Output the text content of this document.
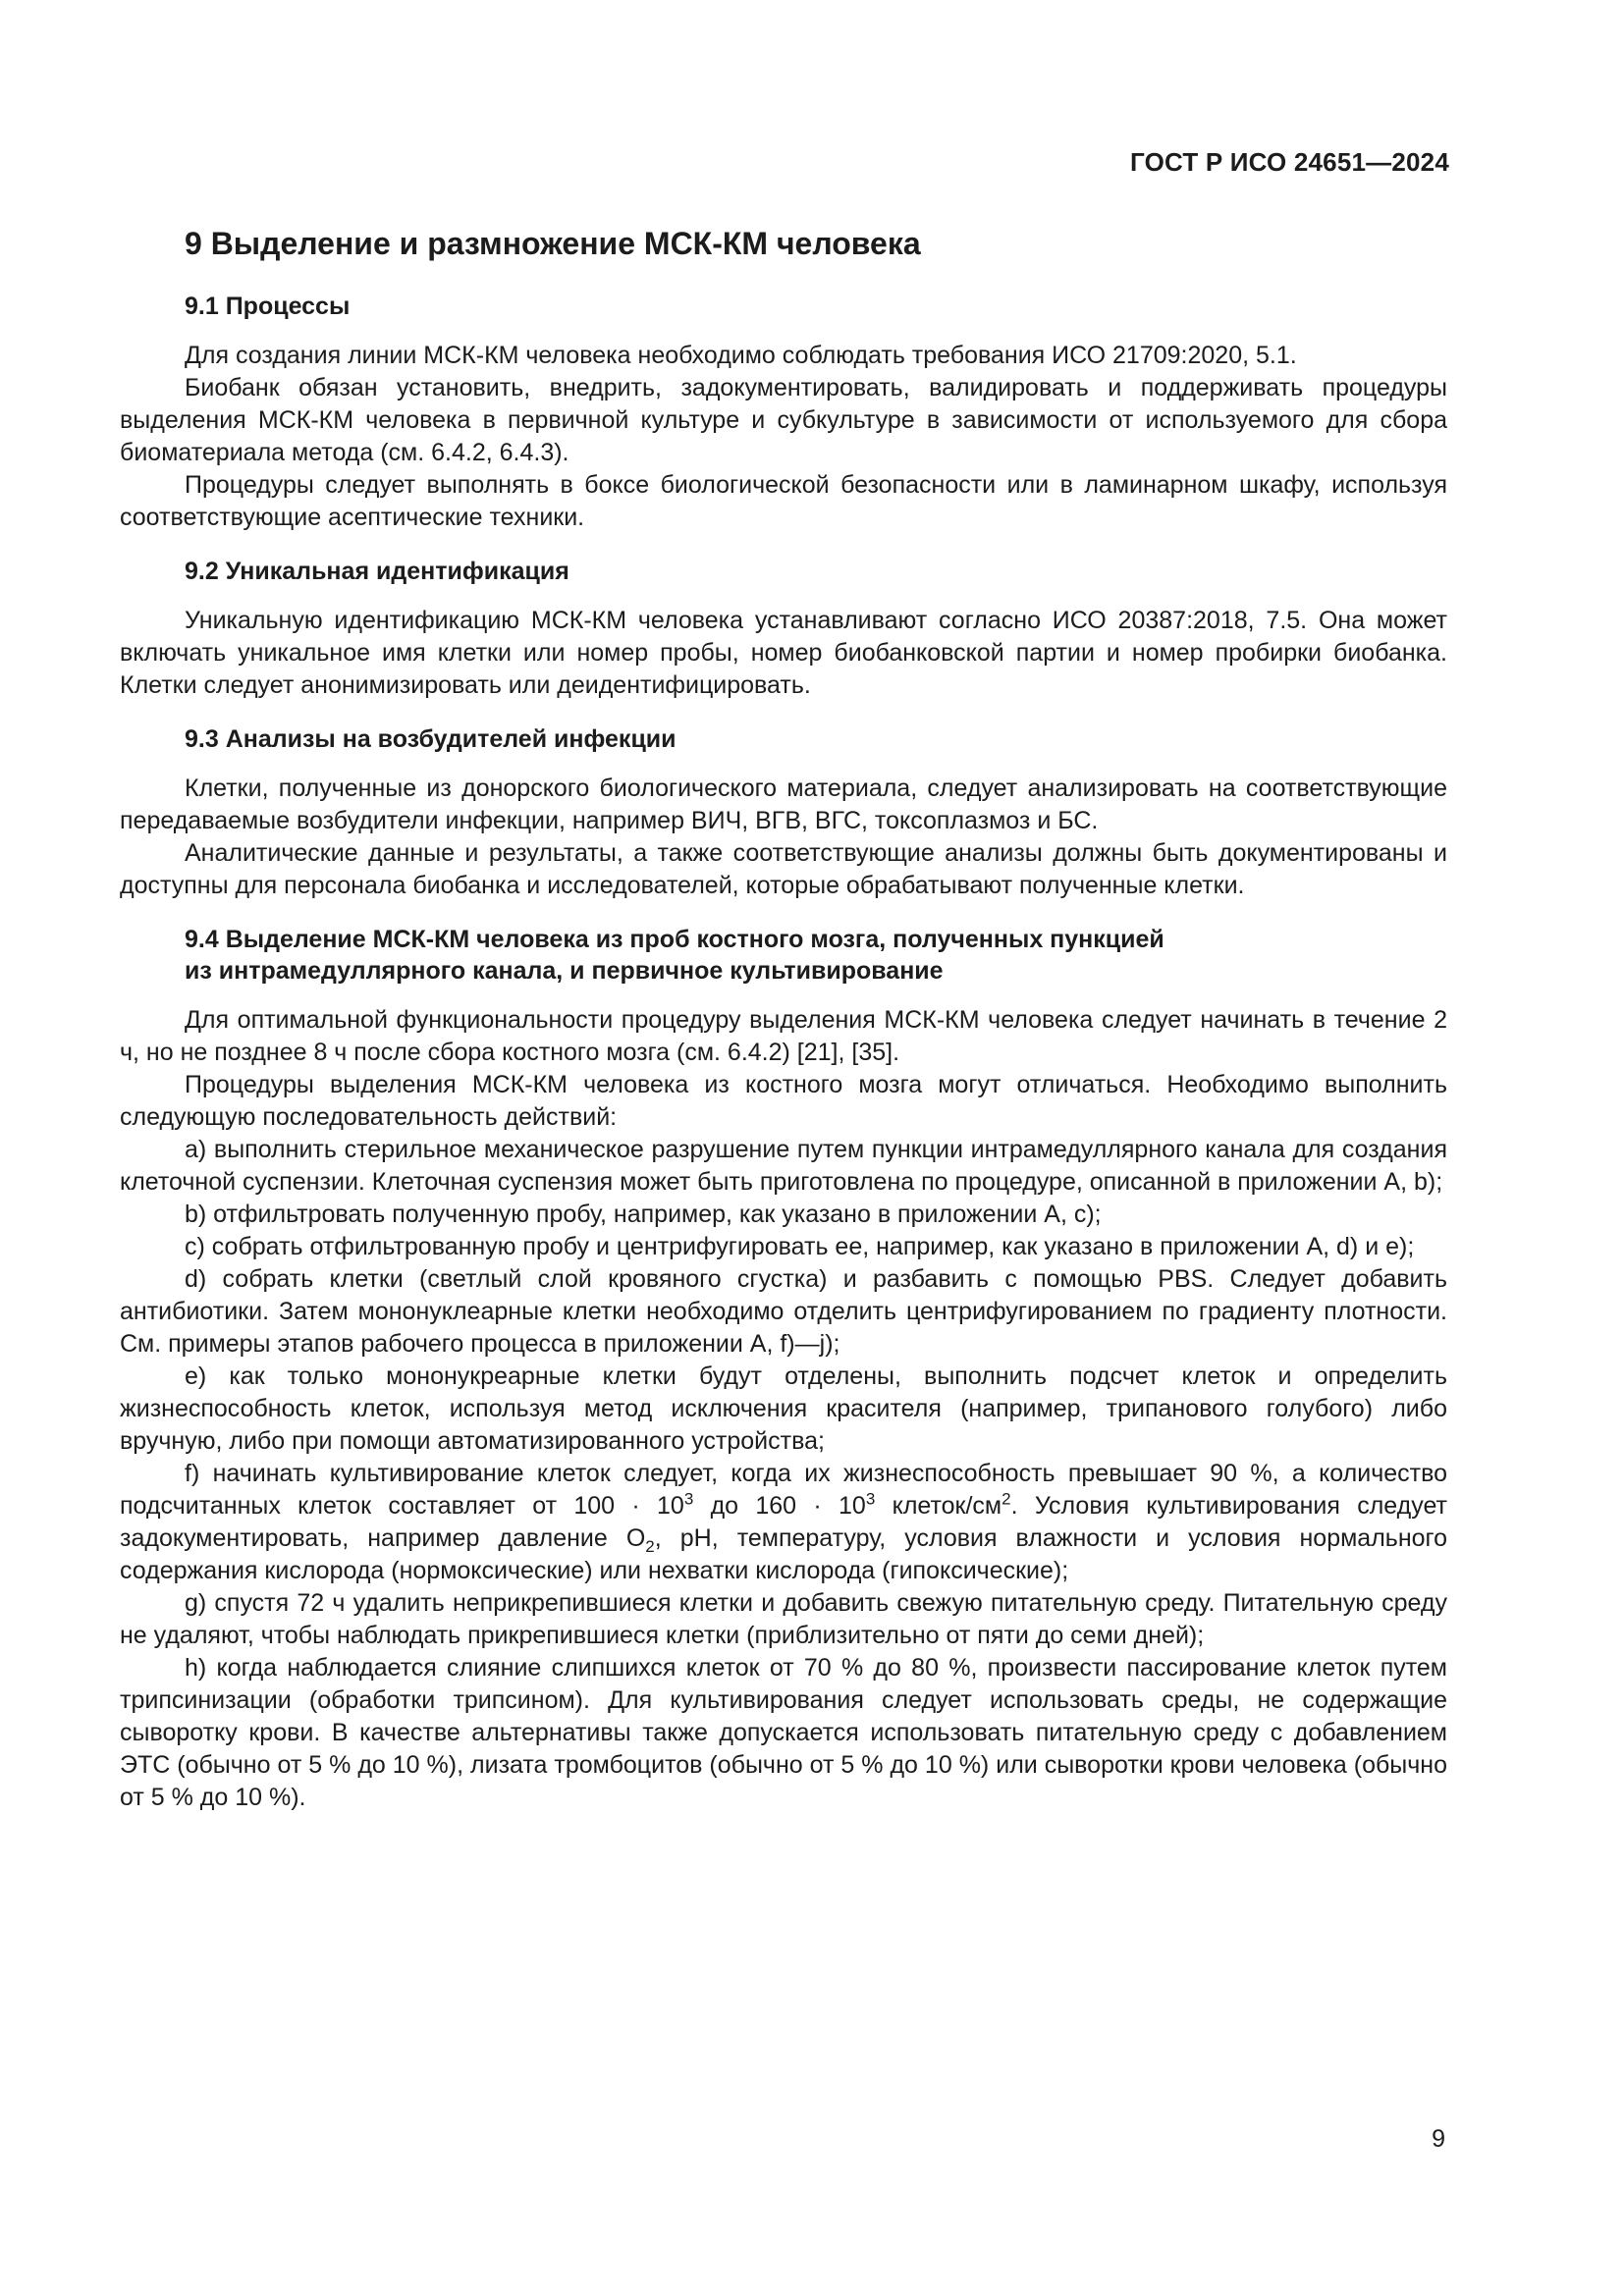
ГОСТ Р ИСО 24651—2024
9 Выделение и размножение МСК-КМ человека
9.1 Процессы

Для создания линии МСК-КМ человека необходимо соблюдать требования ИСО 21709:2020, 5.1.

Биобанк обязан установить, внедрить, задокументировать, валидировать и поддерживать процедуры выделения МСК-КМ человека в первичной культуре и субкультуре в зависимости от используемого для сбора биоматериала метода (см. 6.4.2, 6.4.3).

Процедуры следует выполнять в боксе биологической безопасности или в ламинарном шкафу, используя соответствующие асептические техники.

9.2 Уникальная идентификация

Уникальную идентификацию МСК-КМ человека устанавливают согласно ИСО 20387:2018, 7.5. Она может включать уникальное имя клетки или номер пробы, номер биобанковской партии и номер пробирки биобанка. Клетки следует анонимизировать или деидентифицировать.

9.3 Анализы на возбудителей инфекции

Клетки, полученные из донорского биологического материала, следует анализировать на соответствующие передаваемые возбудители инфекции, например ВИЧ, ВГВ, ВГС, токсоплазмоз и БС.

Аналитические данные и результаты, а также соответствующие анализы должны быть документированы и доступны для персонала биобанка и исследователей, которые обрабатывают полученные клетки.

9.4 Выделение МСК-КМ человека из проб костного мозга, полученных пункцией
из интрамедуллярного канала, и первичное культивирование

Для оптимальной функциональности процедуру выделения МСК-КМ человека следует начинать в течение 2 ч, но не позднее 8 ч после сбора костного мозга (см. 6.4.2) [21], [35].

Процедуры выделения МСК-КМ человека из костного мозга могут отличаться. Необходимо выполнить следующую последовательность действий:

а) выполнить стерильное механическое разрушение путем пункции интрамедуллярного канала для создания клеточной суспензии. Клеточная суспензия может быть приготовлена по процедуре, описанной в приложении А, b);

b) отфильтровать полученную пробу, например, как указано в приложении А, с);

с) собрать отфильтрованную пробу и центрифугировать ее, например, как указано в приложении А, d) и е);

d) собрать клетки (светлый слой кровяного сгустка) и разбавить с помощью PBS. Следует добавить антибиотики. Затем мононуклеарные клетки необходимо отделить центрифугированием по градиенту плотности. См. примеры этапов рабочего процесса в приложении А, f)—j);

е) как только мононукреарные клетки будут отделены, выполнить подсчет клеток и определить жизнеспособность клеток, используя метод исключения красителя (например, трипанового голубого) либо вручную, либо при помощи автоматизированного устройства;

f) начинать культивирование клеток следует, когда их жизнеспособность превышает 90 %, а количество подсчитанных клеток составляет от $100 \cdot 10^3$ до $160 \cdot 10^3$ клеток/$см^2$. Условия культивирования следует задокументировать, например давление $О_2$, pH, температуру, условия влажности и условия нормального содержания кислорода (нормоксические) или нехватки кислорода (гипоксические);

g) спустя 72 ч удалить неприкрепившиеся клетки и добавить свежую питательную среду. Питательную среду не удаляют, чтобы наблюдать прикрепившиеся клетки (приблизительно от пяти до семи дней);

h) когда наблюдается слияние слипшихся клеток от 70 % до 80 %, произвести пассирование клеток путем трипсинизации (обработки трипсином). Для культивирования следует использовать среды, не содержащие сыворотку крови. В качестве альтернативы также допускается использовать питательную среду с добавлением ЭТС (обычно от 5 % до 10 %), лизата тромбоцитов (обычно от 5 % до 10 %) или сыворотки крови человека (обычно от 5 % до 10 %).

9
